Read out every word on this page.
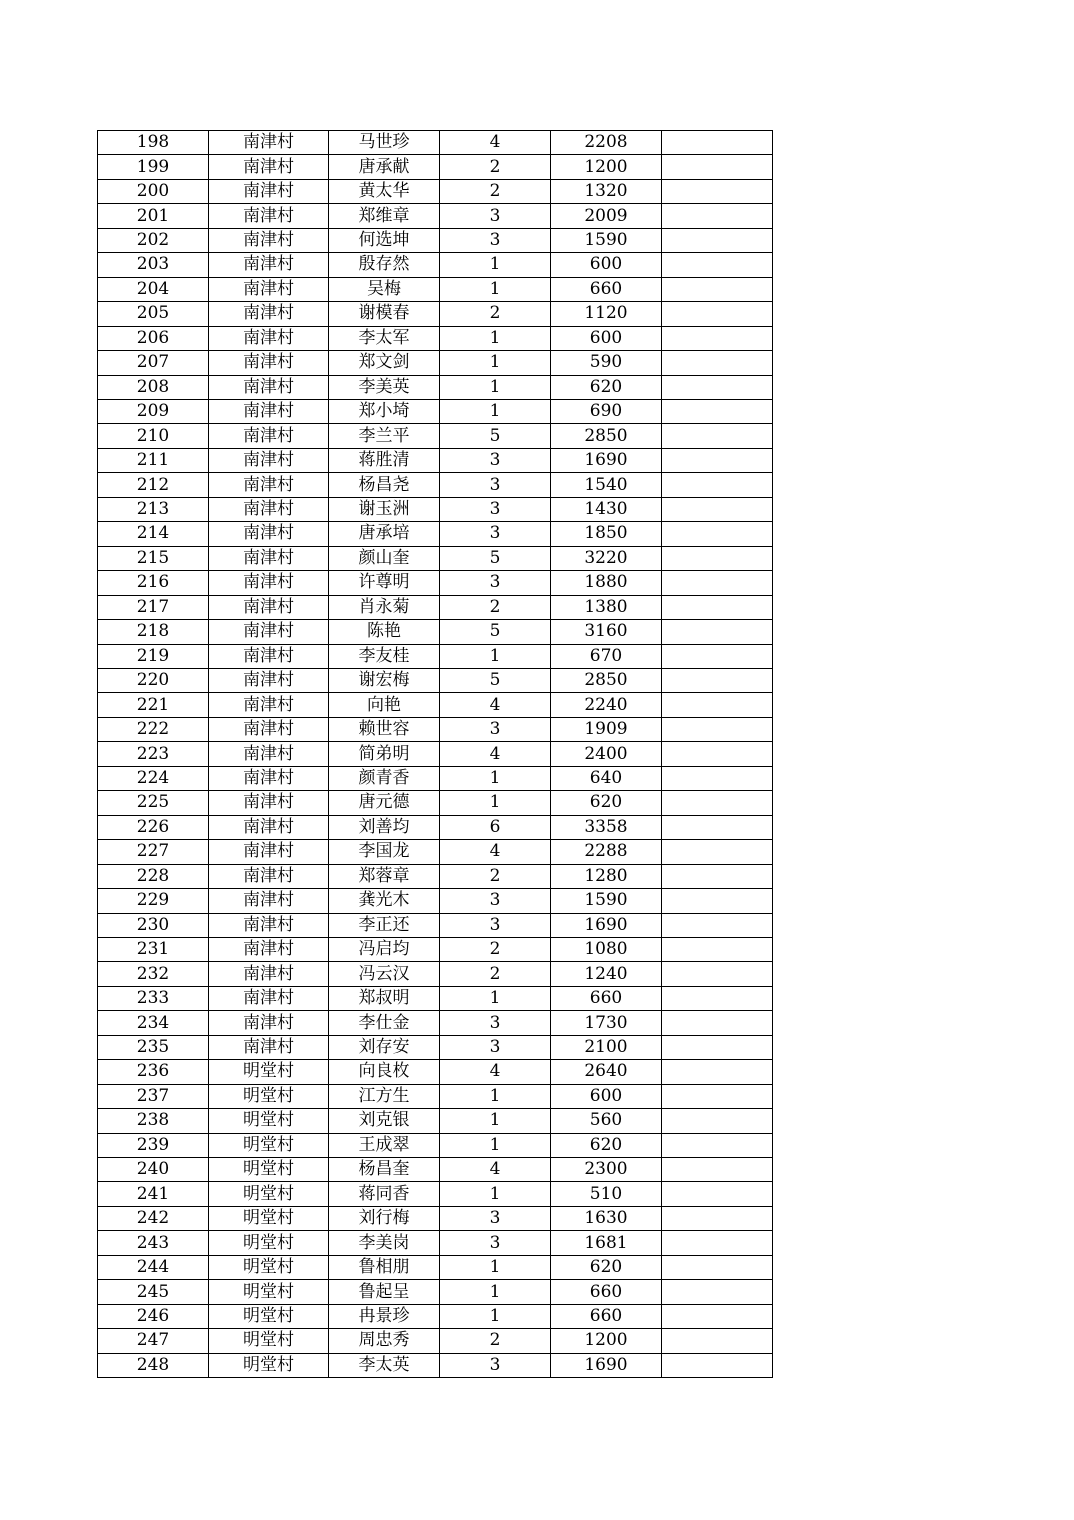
198	南津村	马世珍	4	2208	
199	南津村	唐承献	2	1200	
200	南津村	黄太华	2	1320	
201	南津村	郑维章	3	2009	
202	南津村	何选坤	3	1590	
203	南津村	殷存然	1	600	
204	南津村	吴梅	1	660	
205	南津村	谢模春	2	1120	
206	南津村	李太军	1	600	
207	南津村	郑文剑	1	590	
208	南津村	李美英	1	620	
209	南津村	郑小埼	1	690	
210	南津村	李兰平	5	2850	
211	南津村	蒋胜清	3	1690	
212	南津村	杨昌尧	3	1540	
213	南津村	谢玉洲	3	1430	
214	南津村	唐承培	3	1850	
215	南津村	颜山奎	5	3220	
216	南津村	许尊明	3	1880	
217	南津村	肖永菊	2	1380	
218	南津村	陈艳	5	3160	
219	南津村	李友桂	1	670	
220	南津村	谢宏梅	5	2850	
221	南津村	向艳	4	2240	
222	南津村	赖世容	3	1909	
223	南津村	简弟明	4	2400	
224	南津村	颜青香	1	640	
225	南津村	唐元德	1	620	
226	南津村	刘善均	6	3358	
227	南津村	李国龙	4	2288	
228	南津村	郑蓉章	2	1280	
229	南津村	龚光木	3	1590	
230	南津村	李正还	3	1690	
231	南津村	冯启均	2	1080	
232	南津村	冯云汉	2	1240	
233	南津村	郑叔明	1	660	
234	南津村	李仕金	3	1730	
235	南津村	刘存安	3	2100	
236	明堂村	向良枚	4	2640	
237	明堂村	江方生	1	600	
238	明堂村	刘克银	1	560	
239	明堂村	王成翠	1	620	
240	明堂村	杨昌奎	4	2300	
241	明堂村	蒋同香	1	510	
242	明堂村	刘行梅	3	1630	
243	明堂村	李美岗	3	1681	
244	明堂村	鲁相朋	1	620	
245	明堂村	鲁起呈	1	660	
246	明堂村	冉景珍	1	660	
247	明堂村	周忠秀	2	1200	
248	明堂村	李太英	3	1690	
